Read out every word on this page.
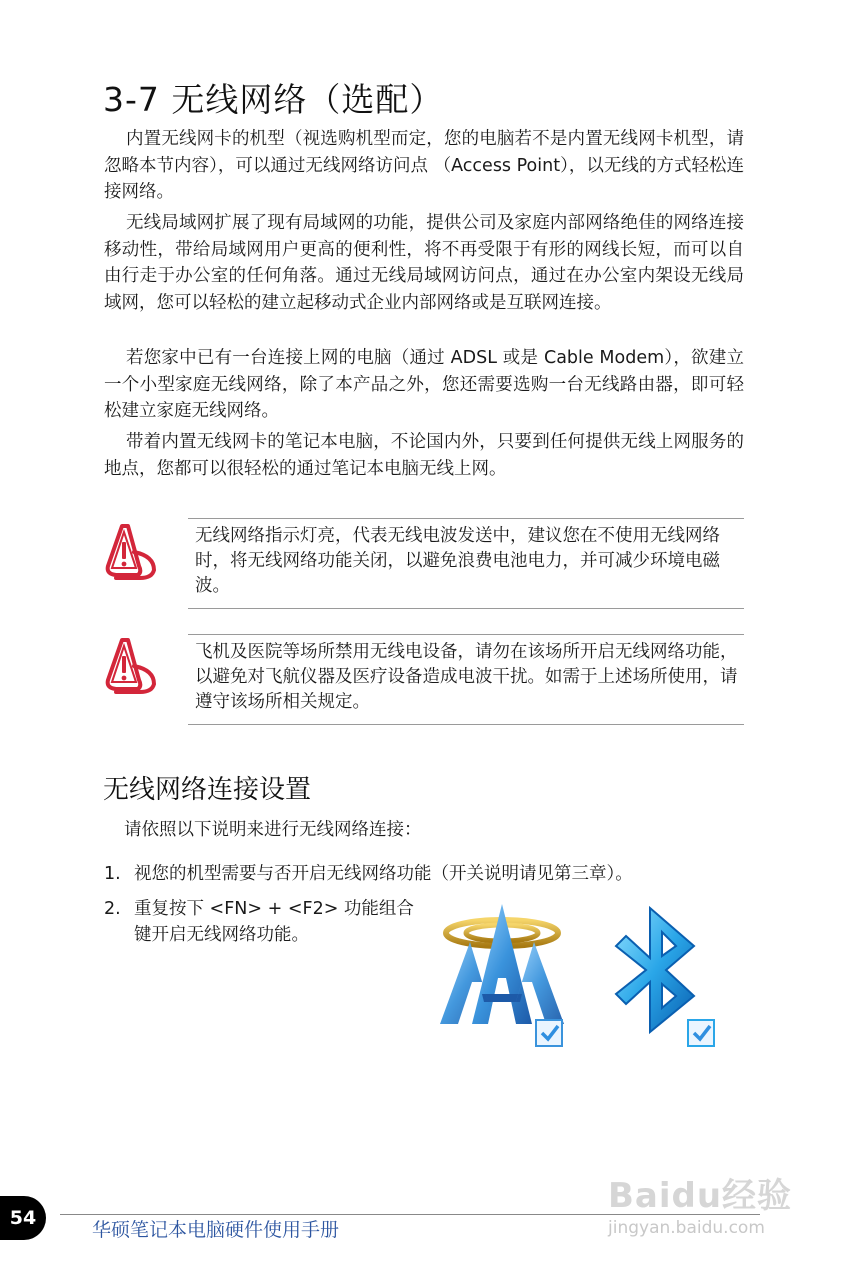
3-7 无线网络（选配）
内置无线网卡的机型（视选购机型而定，您的电脑若不是内置无线网卡机型，请忽略本节内容），可以通过无线网络访问点 （Access Point），以无线的方式轻松连接网络。
无线局域网扩展了现有局域网的功能，提供公司及家庭内部网络绝佳的网络连接移动性，带给局域网用户更高的便利性，将不再受限于有形的网线长短，而可以自由行走于办公室的任何角落。通过无线局域网访问点，通过在办公室内架设无线局域网，您可以轻松的建立起移动式企业内部网络或是互联网连接。
若您家中已有一台连接上网的电脑（通过 ADSL 或是 Cable Modem），欲建立一个小型家庭无线网络，除了本产品之外，您还需要选购一台无线路由器，即可轻松建立家庭无线网络。
带着内置无线网卡的笔记本电脑，不论国内外，只要到任何提供无线上网服务的地点，您都可以很轻松的通过笔记本电脑无线上网。
无线网络指示灯亮，代表无线电波发送中，建议您在不使用无线网络时，将无线网络功能关闭，以避免浪费电池电力，并可减少环境电磁波。
飞机及医院等场所禁用无线电设备，请勿在该场所开启无线网络功能，以避免对飞航仪器及医疗设备造成电波干扰。如需于上述场所使用，请遵守该场所相关规定。
无线网络连接设置
请依照以下说明来进行无线网络连接：
1. 视您的机型需要与否开启无线网络功能（开关说明请见第三章）。
2. 重复按下 <FN> + <F2> 功能组合
键开启无线网络功能。
54
华硕笔记本电脑硬件使用手册
Baidu经验
jingyan.baidu.com
